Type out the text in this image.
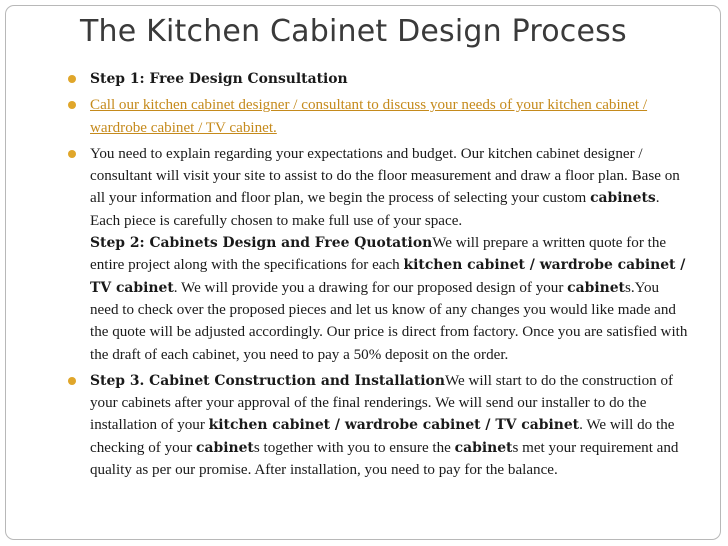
The Kitchen Cabinet Design Process
Step 1: Free Design Consultation
Call our kitchen cabinet designer / consultant to discuss your needs of your kitchen cabinet / wardrobe cabinet / TV cabinet.
You need to explain regarding your expectations and budget. Our kitchen cabinet designer / consultant will visit your site to assist to do the floor measurement and draw a floor plan. Base on all your information and floor plan, we begin the process of selecting your custom cabinets. Each piece is carefully chosen to make full use of your space.
Step 2: Cabinets Design and Free QuotationWe will prepare a written quote for the entire project along with the specifications for each kitchen cabinet / wardrobe cabinet / TV cabinet. We will provide you a drawing for our proposed design of your cabinets.You need to check over the proposed pieces and let us know of any changes you would like made and the quote will be adjusted accordingly. Our price is direct from factory. Once you are satisfied with the draft of each cabinet, you need to pay a 50% deposit on the order.
Step 3. Cabinet Construction and InstallationWe will start to do the construction of your cabinets after your approval of the final renderings. We will send our installer to do the installation of your kitchen cabinet / wardrobe cabinet / TV cabinet. We will do the checking of your cabinets together with you to ensure the cabinets met your requirement and quality as per our promise. After installation, you need to pay for the balance.
